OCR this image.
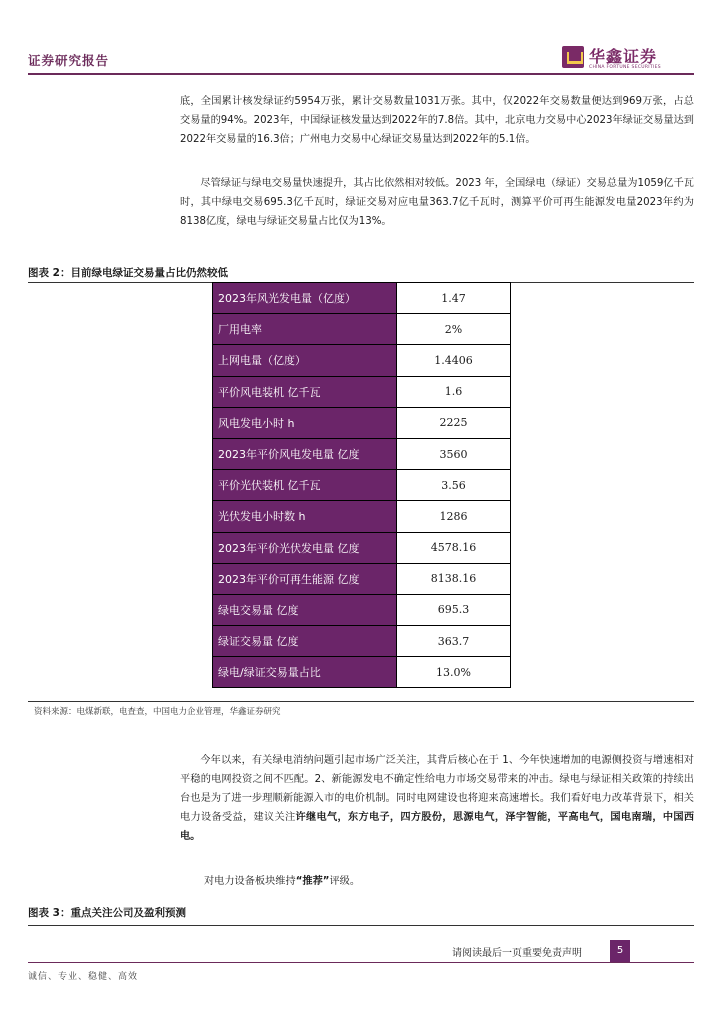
证券研究报告	华鑫证券
CHINA FORTUNE SECURITIES

底，全国累计核发绿证约5954万张，累计交易数量1031万张。其中，仅2022年交易数量便达到969万张，占总交易量的94%。2023年，中国绿证核发量达到2022年的7.8倍。其中，北京电力交易中心2023年绿证交易量达到2022年交易量的16.3倍；广州电力交易中心绿证交易量达到2022年的5.1倍。

尽管绿证与绿电交易量快速提升，其占比依然相对较低。2023 年，全国绿电（绿证）交易总量为1059亿千瓦时，其中绿电交易695.3亿千瓦时，绿证交易对应电量363.7亿千瓦时，测算平价可再生能源发电量2023年约为8138亿度，绿电与绿证交易量占比仅为13%。

图表 2：目前绿电绿证交易量占比仍然较低
2023年风光发电量（亿度）	1.47
厂用电率	2%
上网电量（亿度）	1.4406
平价风电装机 亿千瓦	1.6
风电发电小时 h	2225
2023年平价风电发电量 亿度	3560
平价光伏装机 亿千瓦	3.56
光伏发电小时数 h	1286
2023年平价光伏发电量 亿度	4578.16
2023年平价可再生能源 亿度	8138.16
绿电交易量 亿度	695.3
绿证交易量 亿度	363.7
绿电/绿证交易量占比	13.0%
资料来源：电煤新联，电査查，中国电力企业管理，华鑫证券研究

今年以来，有关绿电消纳问题引起市场广泛关注，其背后核心在于 1、今年快速增加的电源侧投资与增速相对平稳的电网投资之间不匹配。2、新能源发电不确定性给电力市场交易带来的冲击。绿电与绿证相关政策的持续出台也是为了进一步理顺新能源入市的电价机制。同时电网建设也将迎来高速增长。我们看好电力改革背景下，相关电力设备受益，建议关注许继电气，东方电子，四方股份，思源电气，泽宇智能，平高电气，国电南瑞，中国西电。

对电力设备板块维持“推荐”评级。

图表 3：重点关注公司及盈利预测
请阅读最后一页重要免责声明	5
诚信、专业、稳健、高效
